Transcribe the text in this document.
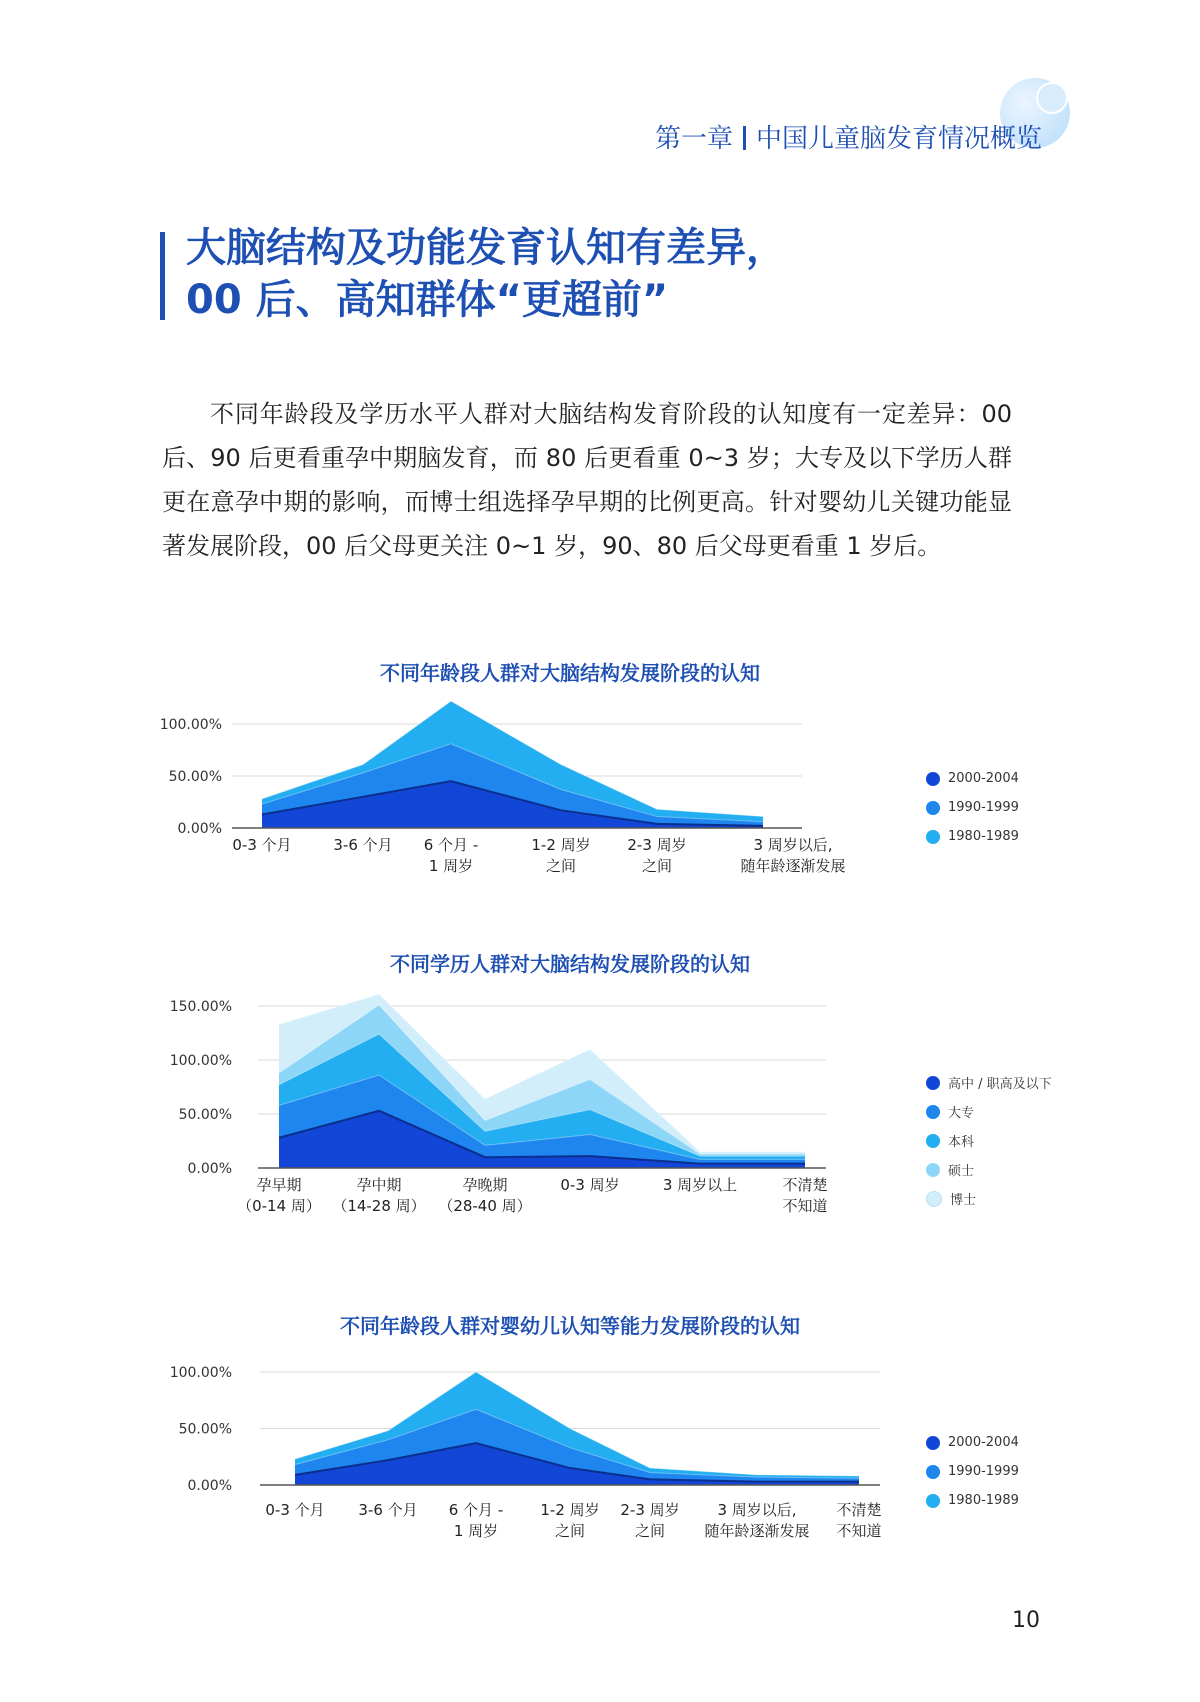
第一章 中国儿童脑发育情况概览
大脑结构及功能发育认知有差异，
00 后、高知群体“更超前”

不同年龄段及学历水平人群对大脑结构发育阶段的认知度有一定差异：00 后、90 后更看重孕中期脑发育，而 80 后更看重 0~3 岁；大专及以下学历人群更在意孕中期的影响，而博士组选择孕早期的比例更高。针对婴幼儿关键功能显著发展阶段，00 后父母更关注 0~1 岁，90、80 后父母更看重 1 岁后。

不同年龄段人群对大脑结构发展阶段的认知
0.00%
50.00%
100.00%
0-3 个月	3-6 个月 6 个月 -
1 周岁
1-2 周岁
之间
2-3 周岁
之间
3 周岁以后,
随年龄逐渐发展
2000-2004
1990-1999
1980-1989
不同学历人群对大脑结构发展阶段的认知
0.00%
50.00%
100.00%
150.00%
孕早期
（0-14 周）
孕中期
（14-28 周）
孕晚期
（28-40 周）
0-3 周岁	3 周岁以上	不清楚
不知道
高中 / 职高及以下
大专
本科
硕士
博士
不同年龄段人群对婴幼儿认知等能力发展阶段的认知
0.00%
50.00%
100.00%
0-3 个月 3-6 个月 6 个月 -
1 周岁
1-2 周岁
之间
2-3 周岁
之间
3 周岁以后,
随年龄逐渐发展
不清楚
不知道
2000-2004
1990-1999
1980-1989
10
